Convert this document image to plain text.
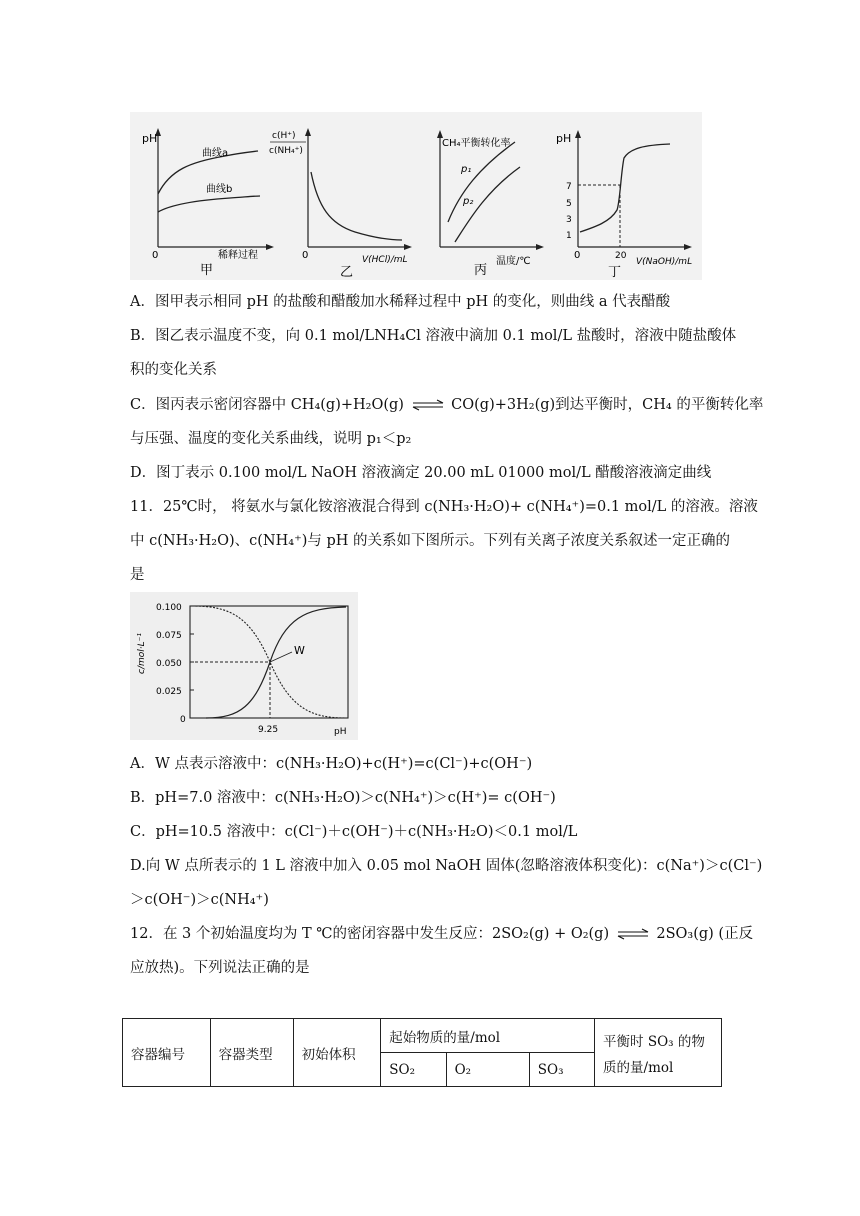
pH
0	稀释过程
曲线a
曲线b
甲
c(H⁺)
c(NH₄⁺)
0	V(HCl)/mL
乙
CH₄平衡转化率
p₁
p₂
温度/℃
丙
pH
7
5
3
1
0	20
V(NaOH)/mL
丁
A．图甲表示相同 pH 的盐酸和醋酸加水稀释过程中 pH 的变化，则曲线 a 代表醋酸
B．图乙表示温度不变，向 0.1 mol/LNH₄Cl 溶液中滴加 0.1 mol/L 盐酸时，溶液中随盐酸体
积的变化关系
C．图丙表示密闭容器中 CH₄(g)+H₂O(g) ⇌ CO(g)+3H₂(g)到达平衡时，CH₄ 的平衡转化率
与压强、温度的变化关系曲线，说明 p₁＜p₂
D．图丁表示 0.100 mol/L NaOH 溶液滴定 20.00 mL 01000 mol/L 醋酸溶液滴定曲线
11．25℃时， 将氨水与氯化铵溶液混合得到 c(NH₃·H₂O)+ c(NH₄⁺)=0.1 mol/L 的溶液。溶液
中 c(NH₃·H₂O)、c(NH₄⁺)与 pH 的关系如下图所示。下列有关离子浓度关系叙述一定正确的
是
W
0.100
0.075
0.050
0.025
0
9.25	pH
c/mol·L⁻¹
A．W 点表示溶液中：c(NH₃·H₂O)+c(H⁺)=c(Cl⁻)+c(OH⁻)
B．pH=7.0 溶液中：c(NH₃·H₂O)＞c(NH₄⁺)＞c(H⁺)= c(OH⁻)
C．pH=10.5 溶液中：c(Cl⁻)＋c(OH⁻)＋c(NH₃·H₂O)＜0.1 mol/L
D.向 W 点所表示的 1 L 溶液中加入 0.05 mol NaOH 固体(忽略溶液体积变化)：c(Na⁺)＞c(Cl⁻)
＞c(OH⁻)＞c(NH₄⁺)
12．在 3 个初始温度均为 T ℃的密闭容器中发生反应：2SO₂(g) + O₂(g) ⇌ 2SO₃(g) (正反
应放热)。下列说法正确的是
容器编号	容器类型	初始体积	起始物质的量/mol			平衡时 SO₃ 的物
质的量/mol

			SO₂	O₂	SO₃	
